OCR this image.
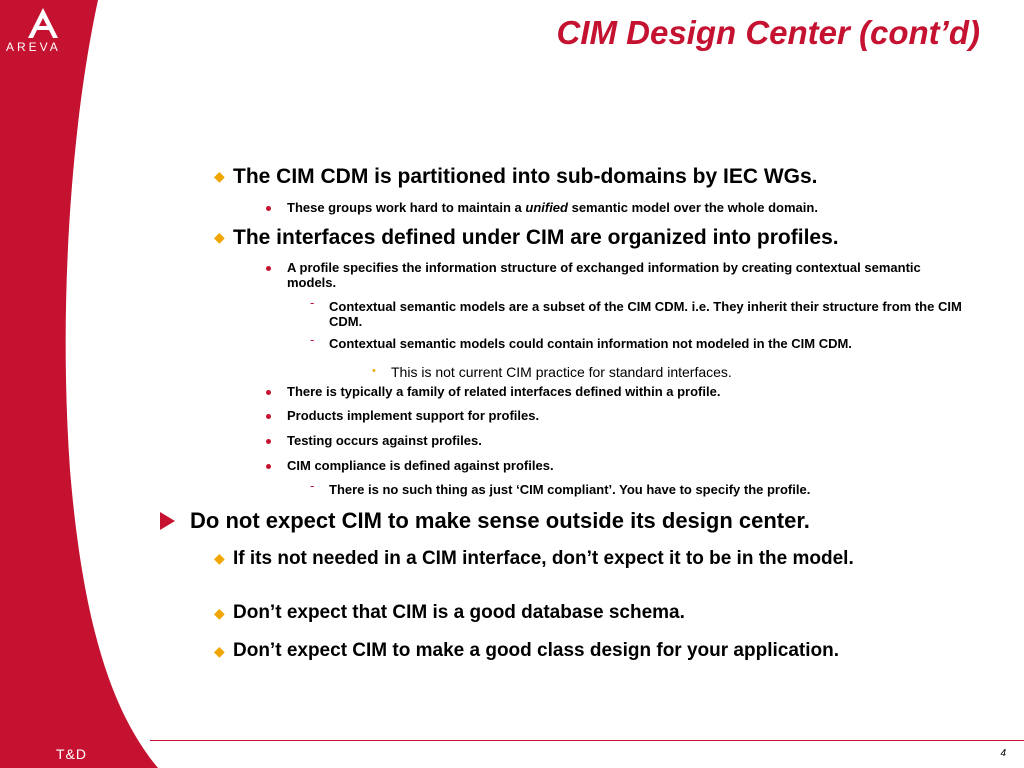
AREVA	CIM Design Center (cont’d)
◆ The CIM CDM is partitioned into sub-domains by IEC WGs.
These groups work hard to maintain a unified semantic model over the whole domain.
◆ The interfaces defined under CIM are organized into profiles.
A profile specifies the information structure of exchanged information by creating contextual semantic models.
- Contextual semantic models are a subset of the CIM CDM. i.e. They inherit their structure from the CIM CDM.
- Contextual semantic models could contain information not modeled in the CIM CDM.
• This is not current CIM practice for standard interfaces.
There is typically a family of related interfaces defined within a profile.
Products implement support for profiles.
Testing occurs against profiles.
CIM compliance is defined against profiles.
- There is no such thing as just ‘CIM compliant’. You have to specify the profile.
Do not expect CIM to make sense outside its design center.
◆ If its not needed in a CIM interface, don’t expect it to be in the model.
◆ Don’t expect that CIM is a good database schema.
◆ Don’t expect CIM to make a good class design for your application.
T&D	4
